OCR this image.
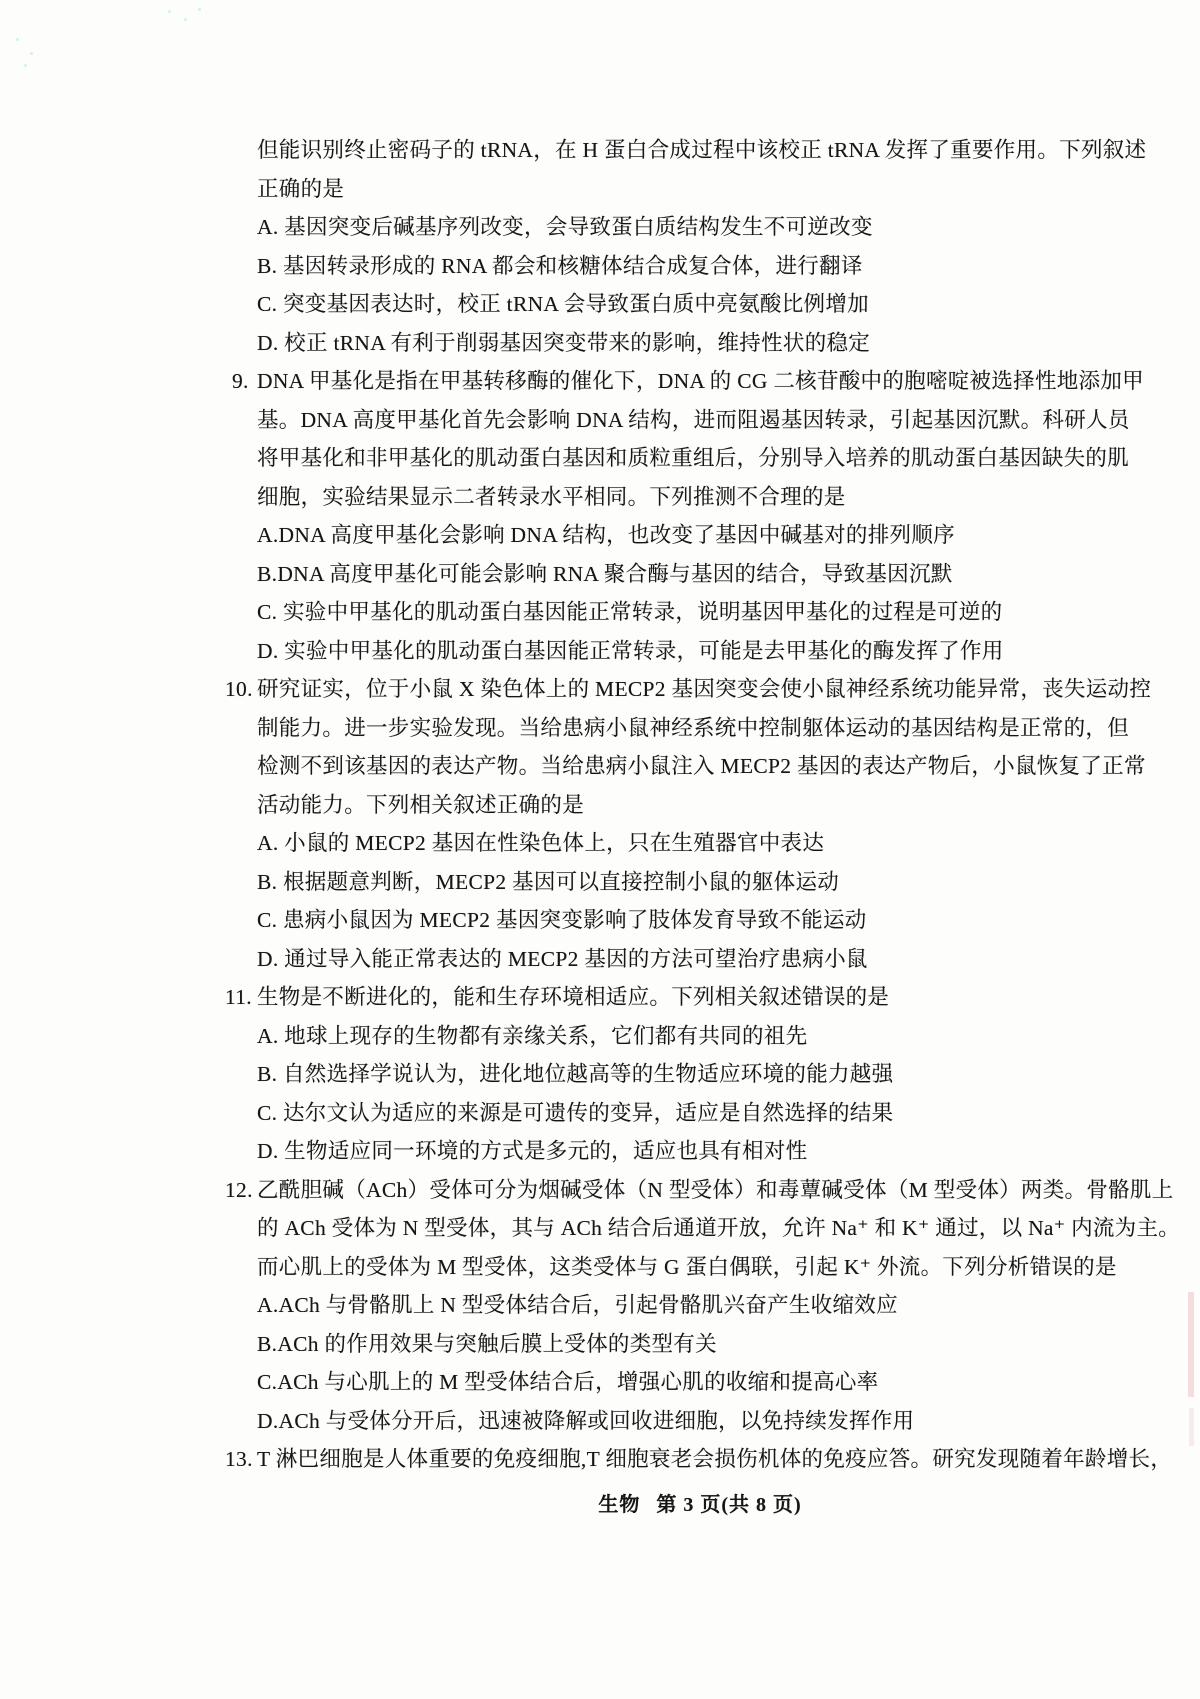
但能识别终止密码子的 tRNA，在 H 蛋白合成过程中该校正 tRNA 发挥了重要作用。下列叙述
正确的是
A. 基因突变后碱基序列改变，会导致蛋白质结构发生不可逆改变
B. 基因转录形成的 RNA 都会和核糖体结合成复合体，进行翻译
C. 突变基因表达时，校正 tRNA 会导致蛋白质中亮氨酸比例增加
D. 校正 tRNA 有利于削弱基因突变带来的影响，维持性状的稳定
9. DNA 甲基化是指在甲基转移酶的催化下，DNA 的 CG 二核苷酸中的胞嘧啶被选择性地添加甲
基。DNA 高度甲基化首先会影响 DNA 结构，进而阻遏基因转录，引起基因沉默。科研人员
将甲基化和非甲基化的肌动蛋白基因和质粒重组后，分别导入培养的肌动蛋白基因缺失的肌
细胞，实验结果显示二者转录水平相同。下列推测不合理的是
A.DNA 高度甲基化会影响 DNA 结构，也改变了基因中碱基对的排列顺序
B.DNA 高度甲基化可能会影响 RNA 聚合酶与基因的结合，导致基因沉默
C. 实验中甲基化的肌动蛋白基因能正常转录，说明基因甲基化的过程是可逆的
D. 实验中甲基化的肌动蛋白基因能正常转录，可能是去甲基化的酶发挥了作用
10. 研究证实，位于小鼠 X 染色体上的 MECP2 基因突变会使小鼠神经系统功能异常，丧失运动控
制能力。进一步实验发现。当给患病小鼠神经系统中控制躯体运动的基因结构是正常的，但
检测不到该基因的表达产物。当给患病小鼠注入 MECP2 基因的表达产物后，小鼠恢复了正常
活动能力。下列相关叙述正确的是
A. 小鼠的 MECP2 基因在性染色体上，只在生殖器官中表达
B. 根据题意判断，MECP2 基因可以直接控制小鼠的躯体运动
C. 患病小鼠因为 MECP2 基因突变影响了肢体发育导致不能运动
D. 通过导入能正常表达的 MECP2 基因的方法可望治疗患病小鼠
11. 生物是不断进化的，能和生存环境相适应。下列相关叙述错误的是
A. 地球上现存的生物都有亲缘关系，它们都有共同的祖先
B. 自然选择学说认为，进化地位越高等的生物适应环境的能力越强
C. 达尔文认为适应的来源是可遗传的变异，适应是自然选择的结果
D. 生物适应同一环境的方式是多元的，适应也具有相对性
12. 乙酰胆碱（ACh）受体可分为烟碱受体（N 型受体）和毒蕈碱受体（M 型受体）两类。骨骼肌上
的 ACh 受体为 N 型受体，其与 ACh 结合后通道开放，允许 Na⁺ 和 K⁺ 通过，以 Na⁺ 内流为主。
而心肌上的受体为 M 型受体，这类受体与 G 蛋白偶联，引起 K⁺ 外流。下列分析错误的是
A.ACh 与骨骼肌上 N 型受体结合后，引起骨骼肌兴奋产生收缩效应
B.ACh 的作用效果与突触后膜上受体的类型有关
C.ACh 与心肌上的 M 型受体结合后，增强心肌的收缩和提高心率
D.ACh 与受体分开后，迅速被降解或回收进细胞，以免持续发挥作用
13. T 淋巴细胞是人体重要的免疫细胞,T 细胞衰老会损伤机体的免疫应答。研究发现随着年龄增长，
生物 第 3 页(共 8 页)
